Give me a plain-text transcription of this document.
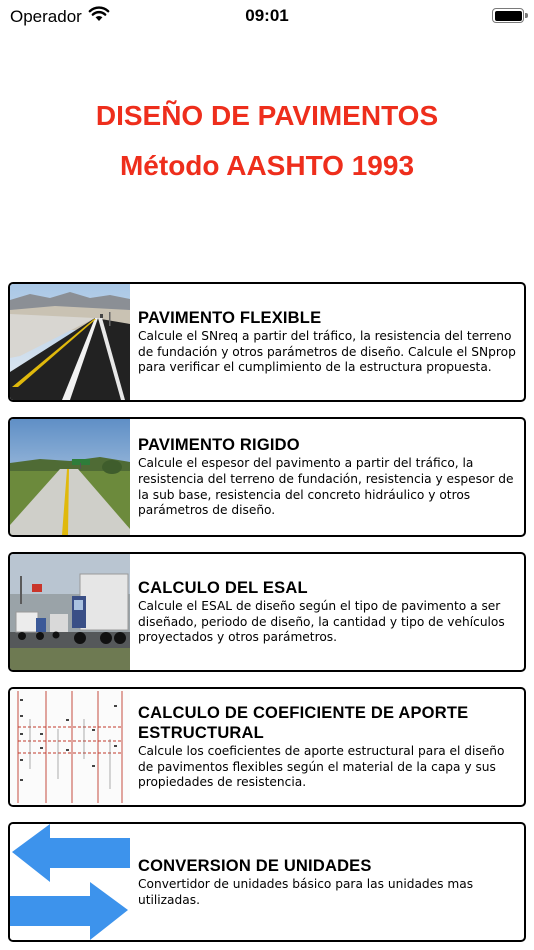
Operador	09:01
DISEÑO DE PAVIMENTOS
Método AASHTO 1993
PAVIMENTO FLEXIBLE
Calcule el SNreq a partir del tráfico, la resistencia del terreno de fundación y otros parámetros de diseño. Calcule el SNprop para verificar el cumplimiento de la estructura propuesta.
PAVIMENTO RIGIDO
Calcule el espesor del pavimento a partir del tráfico, la resistencia del terreno de fundación, resistencia y espesor de la sub base, resistencia del concreto hidráulico y otros parámetros de diseño.
CALCULO DEL ESAL
Calcule el ESAL de diseño según el tipo de pavimento a ser diseñado, periodo de diseño, la cantidad y tipo de vehículos proyectados y otros parámetros.
CALCULO DE COEFICIENTE DE APORTE ESTRUCTURAL
Calcule los coeficientes de aporte estructural para el diseño de pavimentos flexibles según el material de la capa y sus propiedades de resistencia.
CONVERSION DE UNIDADES
Convertidor de unidades básico para las unidades mas utilizadas.
